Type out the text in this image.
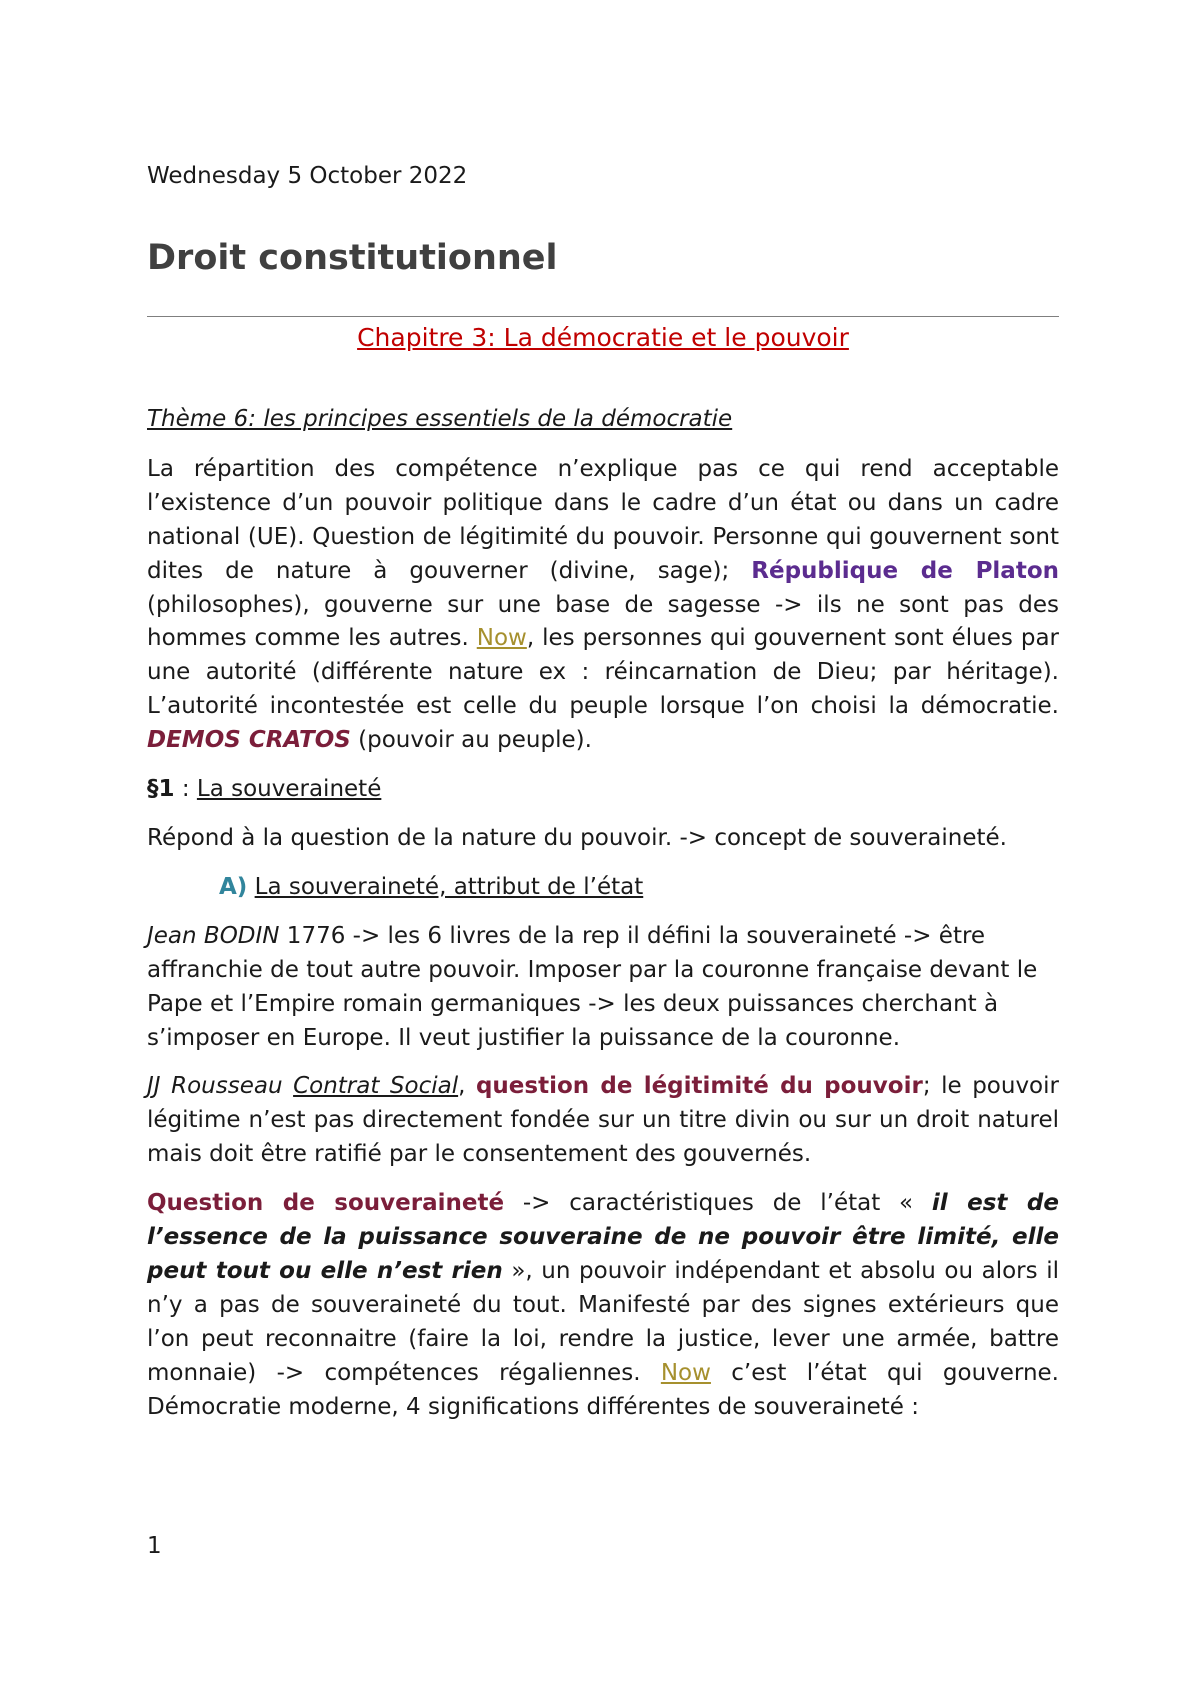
Wednesday 5 October 2022
Droit constitutionnel
Chapitre 3: La démocratie et le pouvoir

Thème 6: les principes essentiels de la démocratie

La répartition des compétence n’explique pas ce qui rend acceptable l’existence d’un pouvoir politique dans le cadre d’un état ou dans un cadre national (UE). Question de légitimité du pouvoir. Personne qui gouvernent sont dites de nature à gouverner (divine, sage); République de Platon (philosophes), gouverne sur une base de sagesse -> ils ne sont pas des hommes comme les autres. Now, les personnes qui gouvernent sont élues par une autorité (différente nature ex : réincarnation de Dieu; par héritage). L’autorité incontestée est celle du peuple lorsque l’on choisi la démocratie. DEMOS CRATOS (pouvoir au peuple).

§1 : La souveraineté

Répond à la question de la nature du pouvoir. -> concept de souveraineté.

A) La souveraineté, attribut de l’état

Jean BODIN 1776 -> les 6 livres de la rep il défini la souveraineté -> être affranchie de tout autre pouvoir. Imposer par la couronne française devant le Pape et l’Empire romain germaniques -> les deux puissances cherchant à s’imposer en Europe. Il veut justifier la puissance de la couronne.

JJ Rousseau Contrat Social, question de légitimité du pouvoir; le pouvoir légitime n’est pas directement fondée sur un titre divin ou sur un droit naturel mais doit être ratifié par le consentement des gouvernés.

Question de souveraineté -> caractéristiques de l’état « il est de l’essence de la puissance souveraine de ne pouvoir être limité, elle peut tout ou elle n’est rien », un pouvoir indépendant et absolu ou alors il n’y a pas de souveraineté du tout. Manifesté par des signes extérieurs que l’on peut reconnaitre (faire la loi, rendre la justice, lever une armée, battre monnaie) -> compétences régaliennes. Now c’est l’état qui gouverne. Démocratie moderne, 4 significations différentes de souveraineté :

1
